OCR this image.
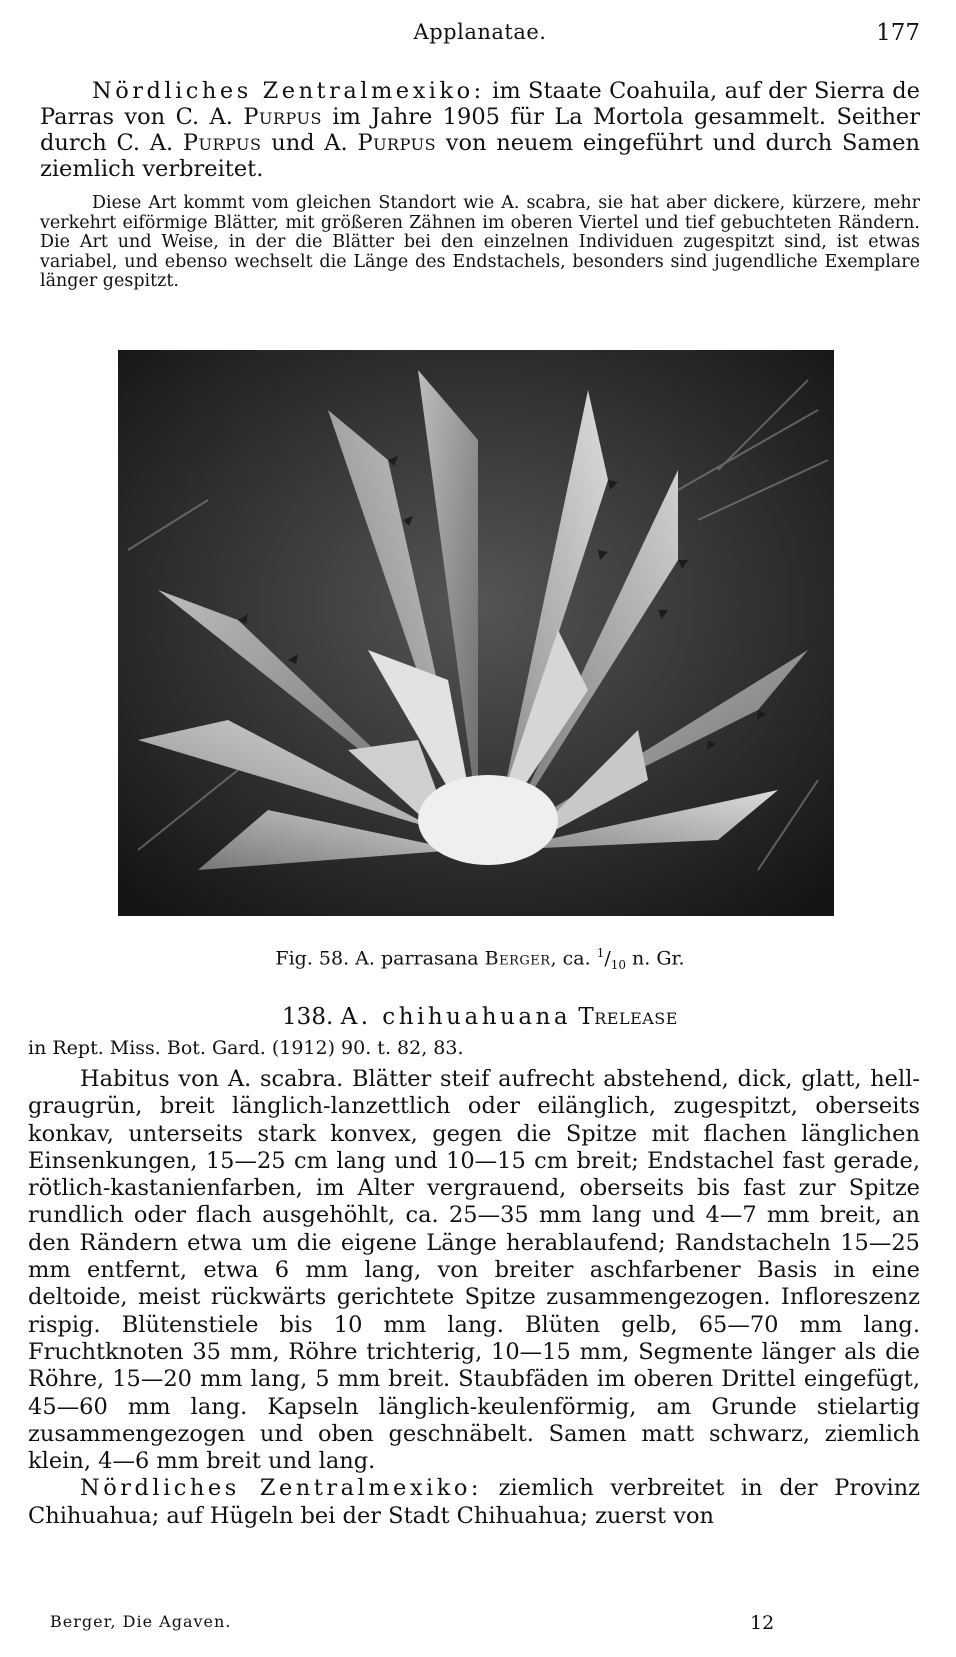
Applanatae.	177

Nördliches Zentralmexiko: im Staate Coahuila, auf der Sierra de Parras von C. A. Purpus im Jahre 1905 für La Mortola gesammelt. Seither durch C. A. Purpus und A. Purpus von neuem eingeführt und durch Samen ziemlich verbreitet.

Diese Art kommt vom gleichen Standort wie A. scabra, sie hat aber dickere, kürzere, mehr verkehrt eiförmige Blätter, mit größeren Zähnen im oberen Viertel und tief gebuchteten Rändern. Die Art und Weise, in der die Blätter bei den einzelnen Individuen zugespitzt sind, ist etwas variabel, und ebenso wechselt die Länge des Endstachels, besonders sind jugendliche Exemplare länger gespitzt.

Fig. 58. A. parrasana Berger, ca. $^1/_{10}$ n. Gr.
138. A. chihuahuana Trelease
in Rept. Miss. Bot. Gard. (1912) 90. t. 82, 83.

Habitus von A. scabra. Blätter steif aufrecht abstehend, dick, glatt, hell-graugrün, breit länglich-lanzettlich oder eilänglich, zugespitzt, oberseits konkav, unterseits stark konvex, gegen die Spitze mit flachen länglichen Einsenkungen, 15—25 cm lang und 10—15 cm breit; Endstachel fast gerade, rötlich-kastanienfarben, im Alter vergrauend, oberseits bis fast zur Spitze rundlich oder flach ausgehöhlt, ca. 25—35 mm lang und 4—7 mm breit, an den Rändern etwa um die eigene Länge herablaufend; Randstacheln 15—25 mm entfernt, etwa 6 mm lang, von breiter aschfarbener Basis in eine deltoide, meist rückwärts gerichtete Spitze zusammengezogen. Infloreszenz rispig. Blütenstiele bis 10 mm lang. Blüten gelb, 65—70 mm lang. Fruchtknoten 35 mm, Röhre trichterig, 10—15 mm, Segmente länger als die Röhre, 15—20 mm lang, 5 mm breit. Staubfäden im oberen Drittel eingefügt, 45—60 mm lang. Kapseln länglich-keulenförmig, am Grunde stielartig zusammengezogen und oben geschnäbelt. Samen matt schwarz, ziemlich klein, 4—6 mm breit und lang.

Nördliches Zentralmexiko: ziemlich verbreitet in der Provinz Chihuahua; auf Hügeln bei der Stadt Chihuahua; zuerst von

Berger, Die Agaven.	12
